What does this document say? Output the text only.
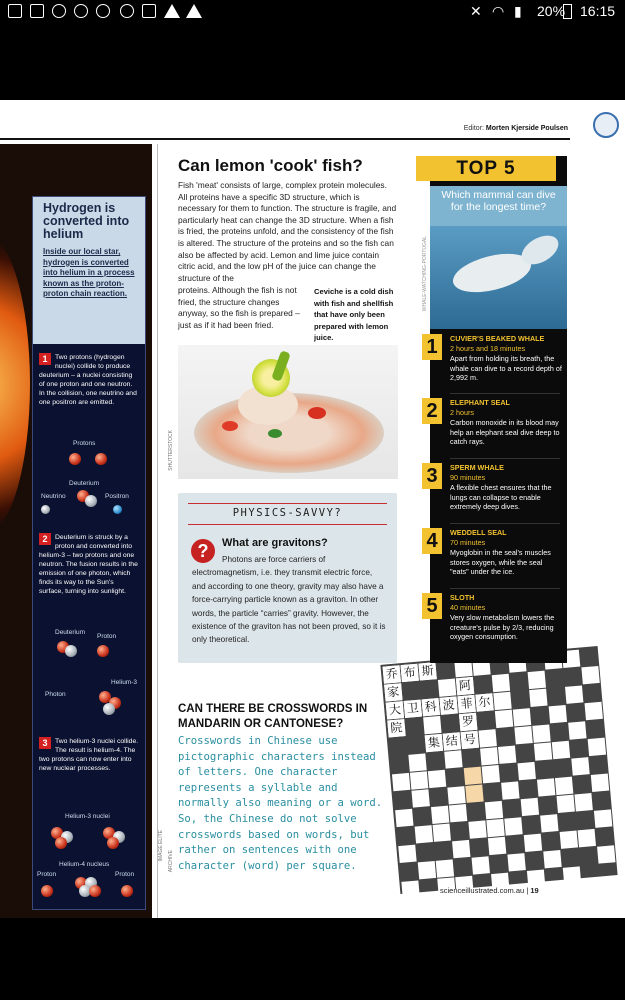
✕ ◠ ▮ 20% 16:15
Editor: Morten Kjerside Poulsen
Hydrogen is converted into helium

Inside our local star, hydrogen is converted into helium in a process known as the proton-proton chain reaction.

1	Two protons (hydrogen nuclei) collide to produce deuterium – a nuclei consisting of one proton and one neutron. In the collision, one neutrino and one positron are emitted.
Protons
Deuterium
Neutrino	Positron
2	Deuterium is struck by a proton and converted into helium-3 – two protons and one neutron. The fusion results in the emission of one photon, which finds its way to the Sun's surface, turning into sunlight.
Deuterium
Proton
Helium-3
Photon
3	Two helium-3 nuclei collide. The result is helium-4. The two protons can now enter into new nuclear processes.
Helium-3 nuclei
Helium-4 nucleus
Proton	Proton
Can lemon 'cook' fish?

Fish 'meat' consists of large, complex protein molecules. All proteins have a specific 3D structure, which is necessary for them to function. The structure is fragile, and particularly heat can change the 3D structure. When a fish is fried, the proteins unfold, and the consistency of the fish is altered. The structure of the proteins and so the fish can also be affected by acid. Lemon and lime juice contain citric acid, and the low pH of the juice can change the structure of the

proteins. Although the fish is not fried, the structure changes anyway, so the fish is prepared – just as if it had been fried.

Ceviche is a cold dish with fish and shellfish that have only been prepared with lemon juice.

SHUTTERSTOCK
PHYSICS-SAVVY?
?	What are gravitons?

Photons are force carriers of electromagnetism, i.e. they transmit electric force, and according to one theory, gravity may also have a force-carrying particle known as a graviton. In other words, the particle “carries” gravity. However, the existence of the graviton has not been proved, so it is only theoretical.

CAN THERE BE CROSSWORDS IN MANDARIN OR CANTONESE?

Crosswords in Chinese use pictographic characters instead of letters. One character represents a syllable and normally also meaning or a word. So, the Chinese do not solve crosswords based on words, but rather on sentences with one character (word) per square.

乔 布 斯
家	阿
大 卫 科 波 菲 尔
院	罗
集 结 号
IMAGE ELITE ARCHIVE
TOP 5
Which mammal can dive for the longest time?
WHALE-WATCHING-PORTUGAL
1	CUVIER'S BEAKED WHALE
2 hours and 18 minutes
Apart from holding its breath, the whale can dive to a record depth of 2,992 m.
2	ELEPHANT SEAL
2 hours
Carbon monoxide in its blood may help an elephant seal dive deep to catch rays.
3	SPERM WHALE
90 minutes
A flexible chest ensures that the lungs can collapse to enable extremely deep dives.
4	WEDDELL SEAL
70 minutes
Myoglobin in the seal's muscles stores oxygen, while the seal "eats" under the ice.
5	SLOTH
40 minutes
Very slow metabolism lowers the creature's pulse by 2/3, reducing oxygen consumption.
scienceillustrated.com.au | 19
